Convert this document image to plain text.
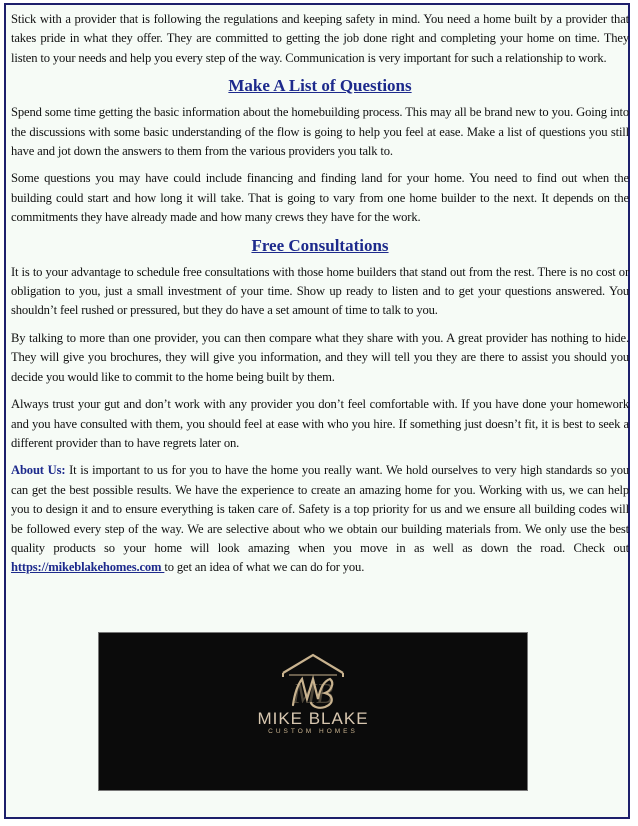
Stick with a provider that is following the regulations and keeping safety in mind. You need a home built by a provider that takes pride in what they offer. They are committed to getting the job done right and completing your home on time. They listen to your needs and help you every step of the way. Communication is very important for such a relationship to work.

Make A List of Questions

Spend some time getting the basic information about the homebuilding process. This may all be brand new to you. Going into the discussions with some basic understanding of the flow is going to help you feel at ease. Make a list of questions you still have and jot down the answers to them from the various providers you talk to.

Some questions you may have could include financing and finding land for your home. You need to find out when the building could start and how long it will take. That is going to vary from one home builder to the next. It depends on the commitments they have already made and how many crews they have for the work.

Free Consultations

It is to your advantage to schedule free consultations with those home builders that stand out from the rest. There is no cost or obligation to you, just a small investment of your time. Show up ready to listen and to get your questions answered. You shouldn’t feel rushed or pressured, but they do have a set amount of time to talk to you.

By talking to more than one provider, you can then compare what they share with you. A great provider has nothing to hide. They will give you brochures, they will give you information, and they will tell you they are there to assist you should you decide you would like to commit to the home being built by them.

Always trust your gut and don’t work with any provider you don’t feel comfortable with. If you have done your homework and you have consulted with them, you should feel at ease with who you hire. If something just doesn’t fit, it is best to seek a different provider than to have regrets later on.

About Us: It is important to us for you to have the home you really want. We hold ourselves to very high standards so you can get the best possible results. We have the experience to create an amazing home for you. Working with us, we can help you to design it and to ensure everything is taken care of. Safety is a top priority for us and we ensure all building codes will be followed every step of the way. We are selective about who we obtain our building materials from. We only use the best quality products so your home will look amazing when you move in as well as down the road. Check out https://mikeblakehomes.com to get an idea of what we can do for you.

MB
MIKE BLAKE
CUSTOM HOMES
